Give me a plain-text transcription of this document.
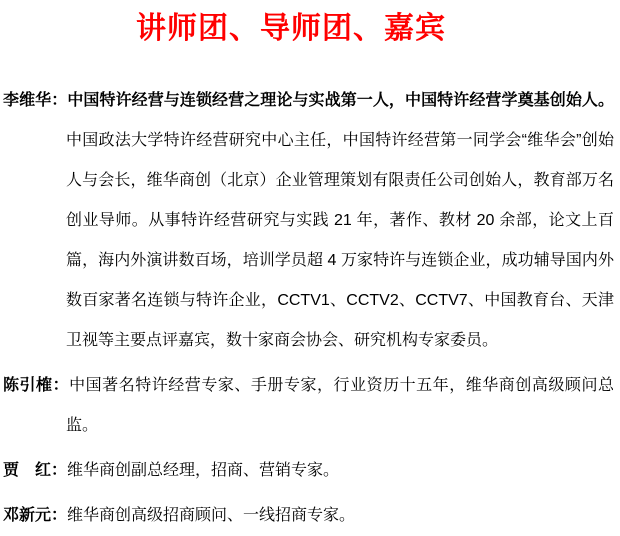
讲师团、导师团、嘉宾

李维华：中国特许经营与连锁经营之理论与实战第一人，中国特许经营学奠基创始人。中国政法大学特许经营研究中心主任，中国特许经营第一同学会“维华会”创始人与会长，维华商创（北京）企业管理策划有限责任公司创始人，教育部万名创业导师。从事特许经营研究与实践 21 年，著作、教材 20 余部，论文上百篇，海内外演讲数百场，培训学员超 4 万家特许与连锁企业，成功辅导国内外数百家著名连锁与特许企业，CCTV1、CCTV2、CCTV7、中国教育台、天津卫视等主要点评嘉宾，数十家商会协会、研究机构专家委员。

陈引榷：中国著名特许经营专家、手册专家，行业资历十五年，维华商创高级顾问总监。

贾　红：维华商创副总经理，招商、营销专家。

邓新元：维华商创高级招商顾问、一线招商专家。
